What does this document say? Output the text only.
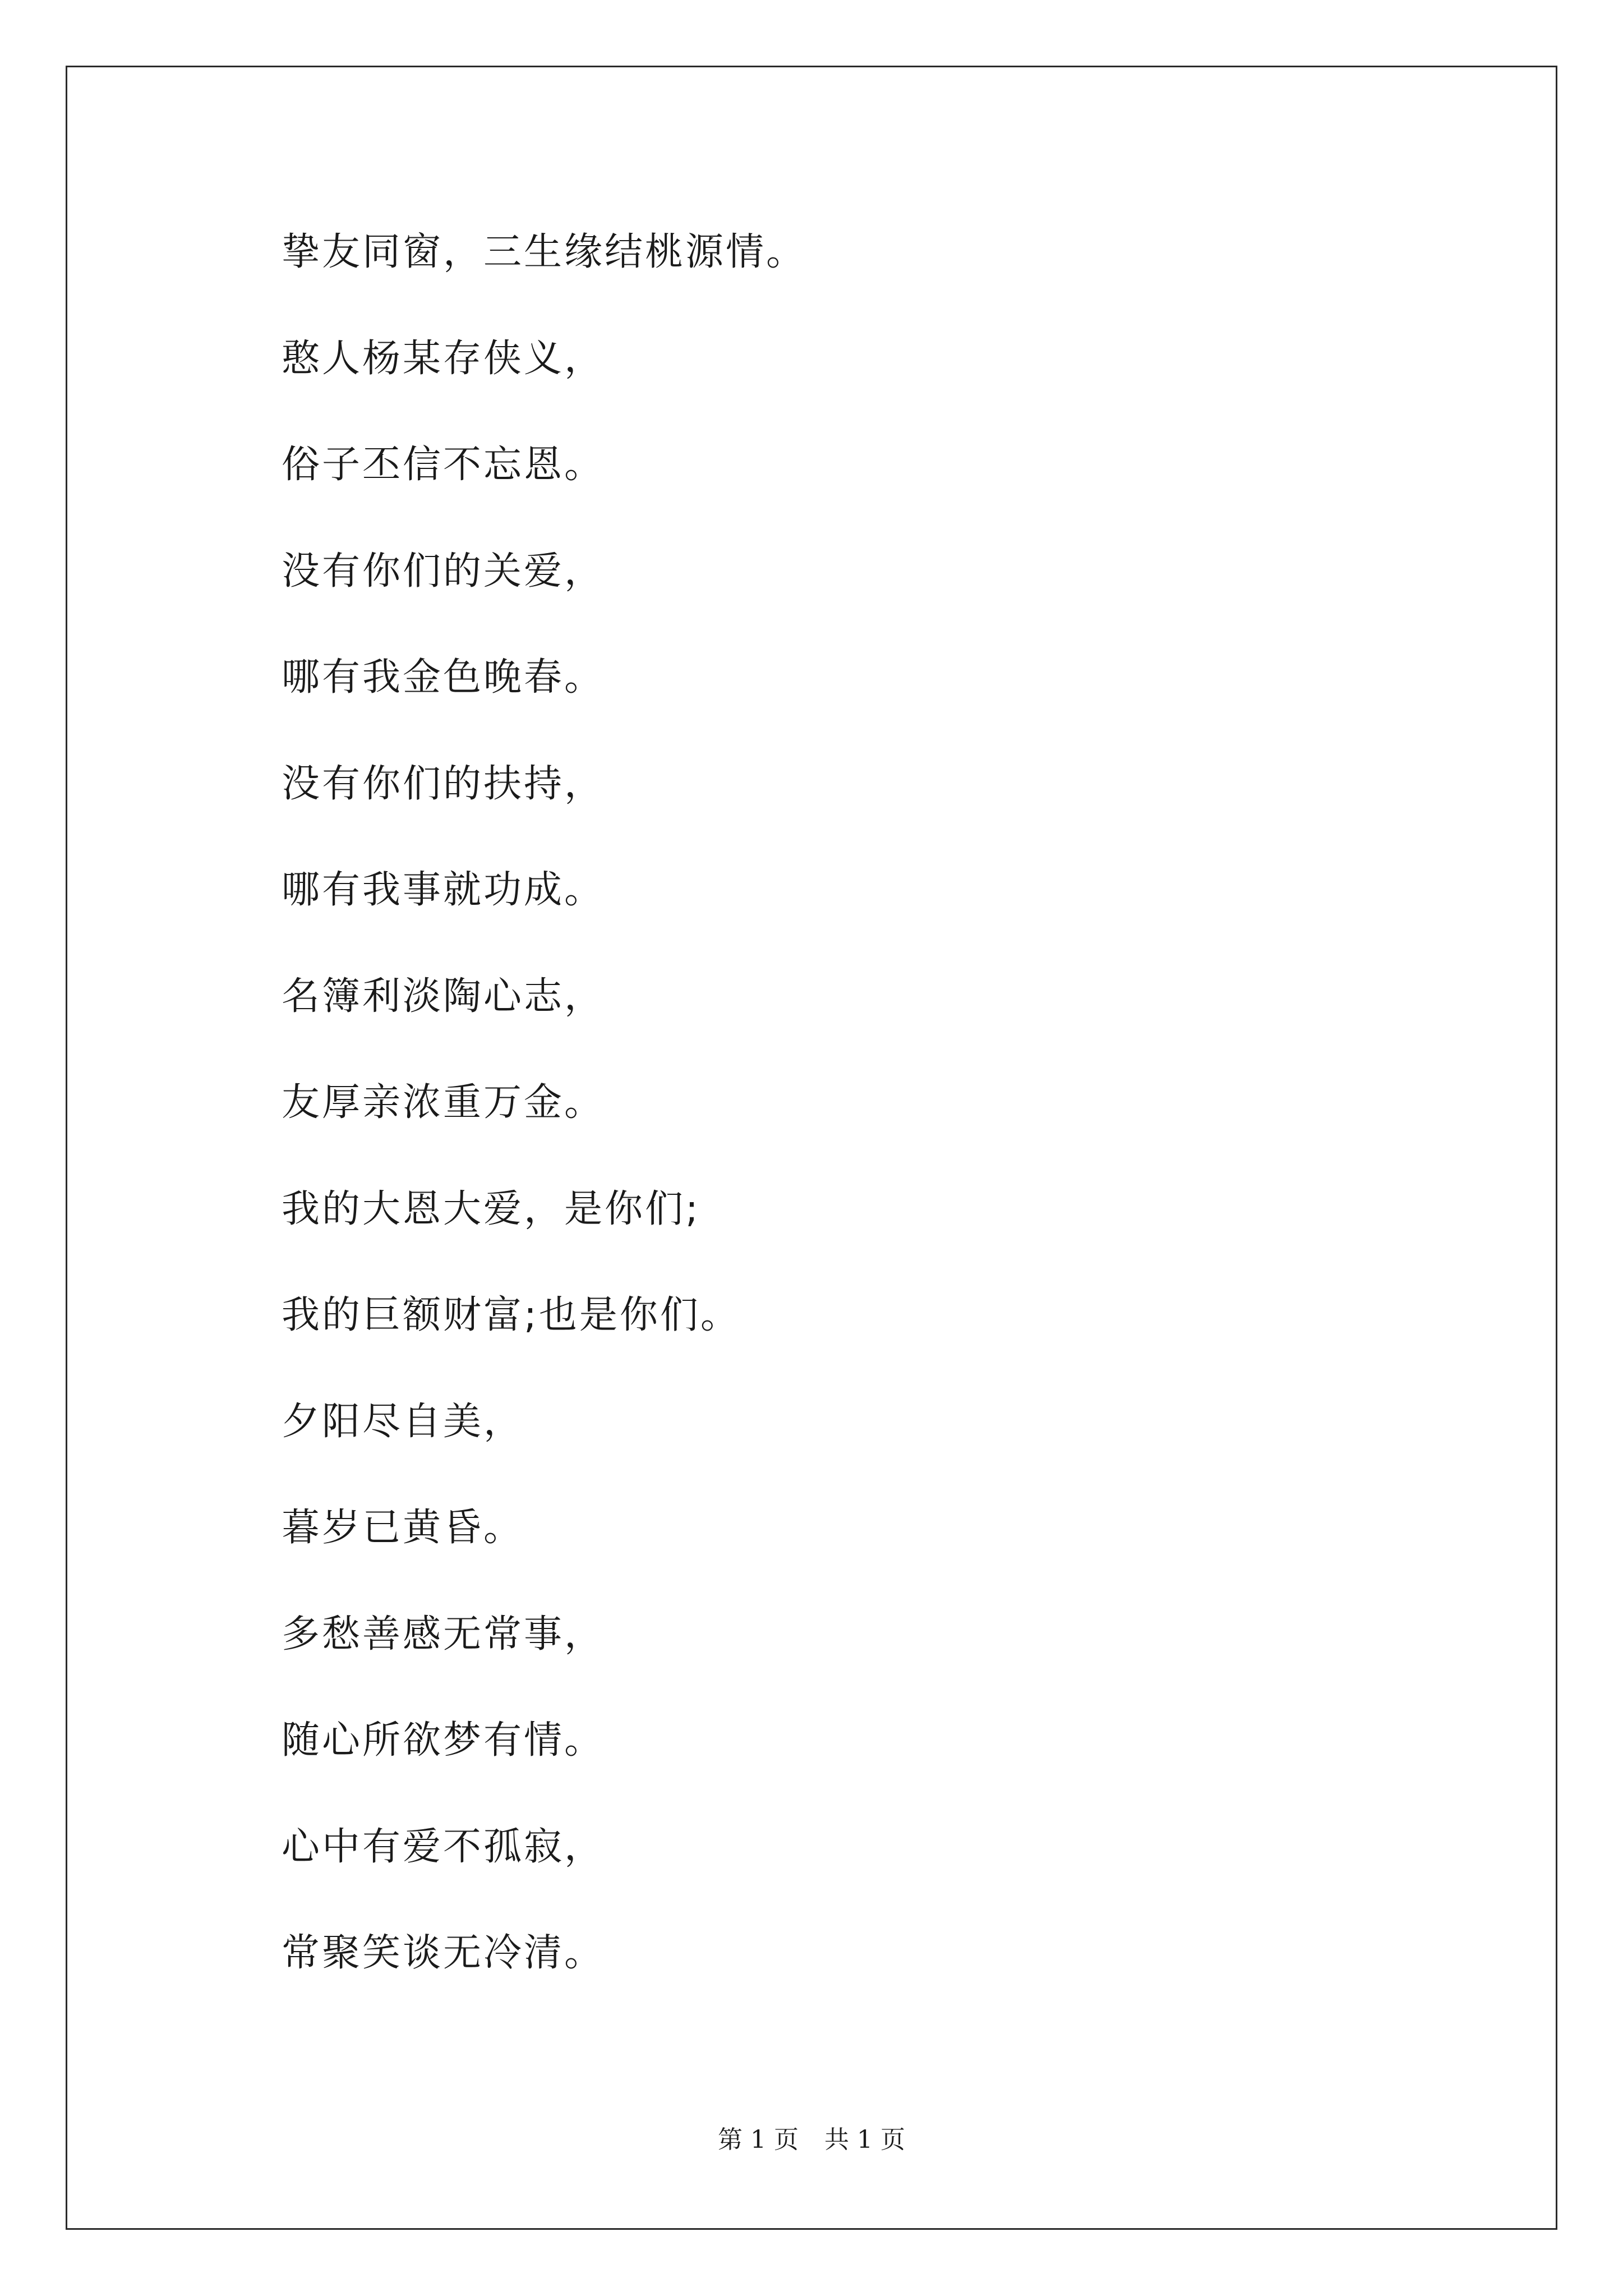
挚友同窗，三生缘结桃源情。
憨人杨某存侠义，
俗子丕信不忘恩。
没有你们的关爱，
哪有我金色晚春。
没有你们的扶持，
哪有我事就功成。
名簿利淡陶心志，
友厚亲浓重万金。
我的大恩大爱，是你们;
我的巨额财富;也是你们。
夕阳尽自美，
暮岁已黄昏。
多愁善感无常事，
随心所欲梦有情。
心中有爱不孤寂，
常聚笑谈无冷清。
第 1 页 共 1 页
